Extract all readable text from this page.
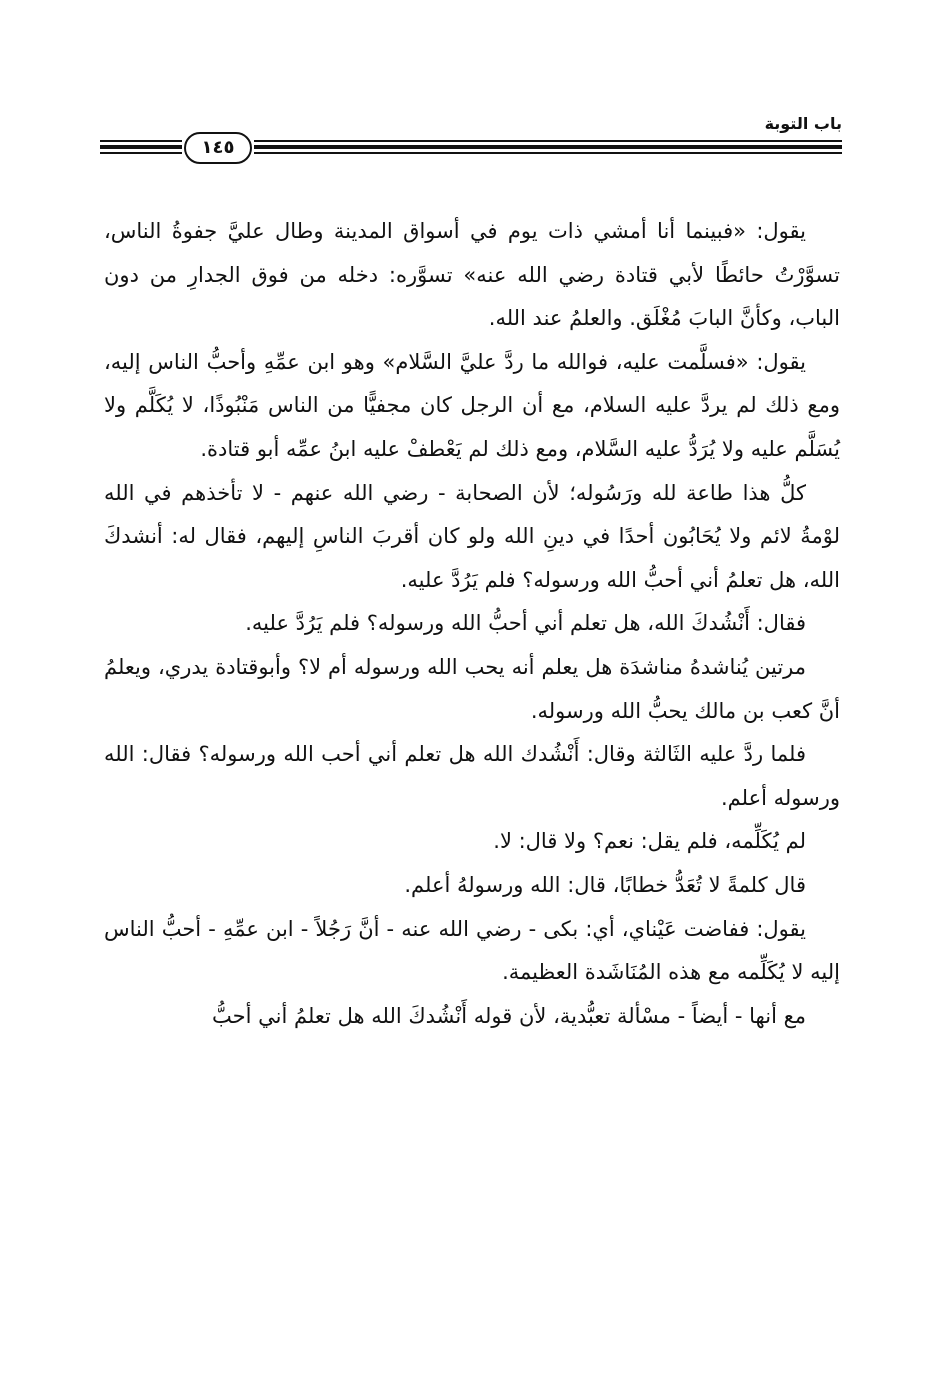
باب التوبة
١٤٥

يقول: «فبينما أنا أمشي ذات يوم في أسواق المدينة وطال عليَّ جفوةُ الناس، تسوَّرْتُ حائطًا لأبي قتادة رضي الله عنه» تسوَّره: دخله من فوق الجدارِ من دون الباب، وكأنَّ البابَ مُغْلَق. والعلمُ عند الله.

يقول: «فسلَّمت عليه، فوالله ما ردَّ عليَّ السَّلام» وهو ابن عمِّهِ وأحبُّ الناس إليه، ومع ذلك لم يردَّ عليه السلام، مع أن الرجل كان مجفيًّا من الناس مَنْبُوذًا، لا يُكَلَّم ولا يُسَلَّم عليه ولا يُرَدُّ عليه السَّلام، ومع ذلك لم يَعْطفْ عليه ابنُ عمِّه أبو قتادة.

كلُّ هذا طاعة لله ورَسُوله؛ لأن الصحابة - رضي الله عنهم - لا تأخذهم في الله لوْمةُ لائم ولا يُحَابُون أحدًا في دينِ الله ولو كان أقربَ الناسِ إليهم، فقال له: أنشدكَ الله، هل تعلمُ أني أحبُّ الله ورسوله؟ فلم يَرُدَّ عليه.

فقال: أَنْشُدكَ الله، هل تعلم أني أحبُّ الله ورسوله؟ فلم يَرُدَّ عليه.

مرتين يُناشدهُ مناشدَة هل يعلم أنه يحب الله ورسوله أم لا؟ وأبوقتادة يدري، ويعلمُ أنَّ كعب بن مالك يحبُّ الله ورسوله.

فلما ردَّ عليه الثَالثة وقال: أَنْشُدك الله هل تعلم أني أحب الله ورسوله؟ فقال: الله ورسوله أعلم.

لم يُكَلِّمه، فلم يقل: نعم؟ ولا قال: لا.

قال كلمةً لا تُعَدُّ خطابًا، قال: الله ورسولهُ أعلم.

يقول: ففاضت عَيْناي، أي: بكى - رضي الله عنه - أنَّ رَجُلاً - ابن عمِّهِ - أحبُّ الناس إليه لا يُكَلِّمه مع هذه المُنَاشَدة العظيمة.

مع أنها - أيضاً - مسْألة تعبُّدية، لأن قوله أَنْشُدكَ الله هل تعلمُ أني أحبُّ
